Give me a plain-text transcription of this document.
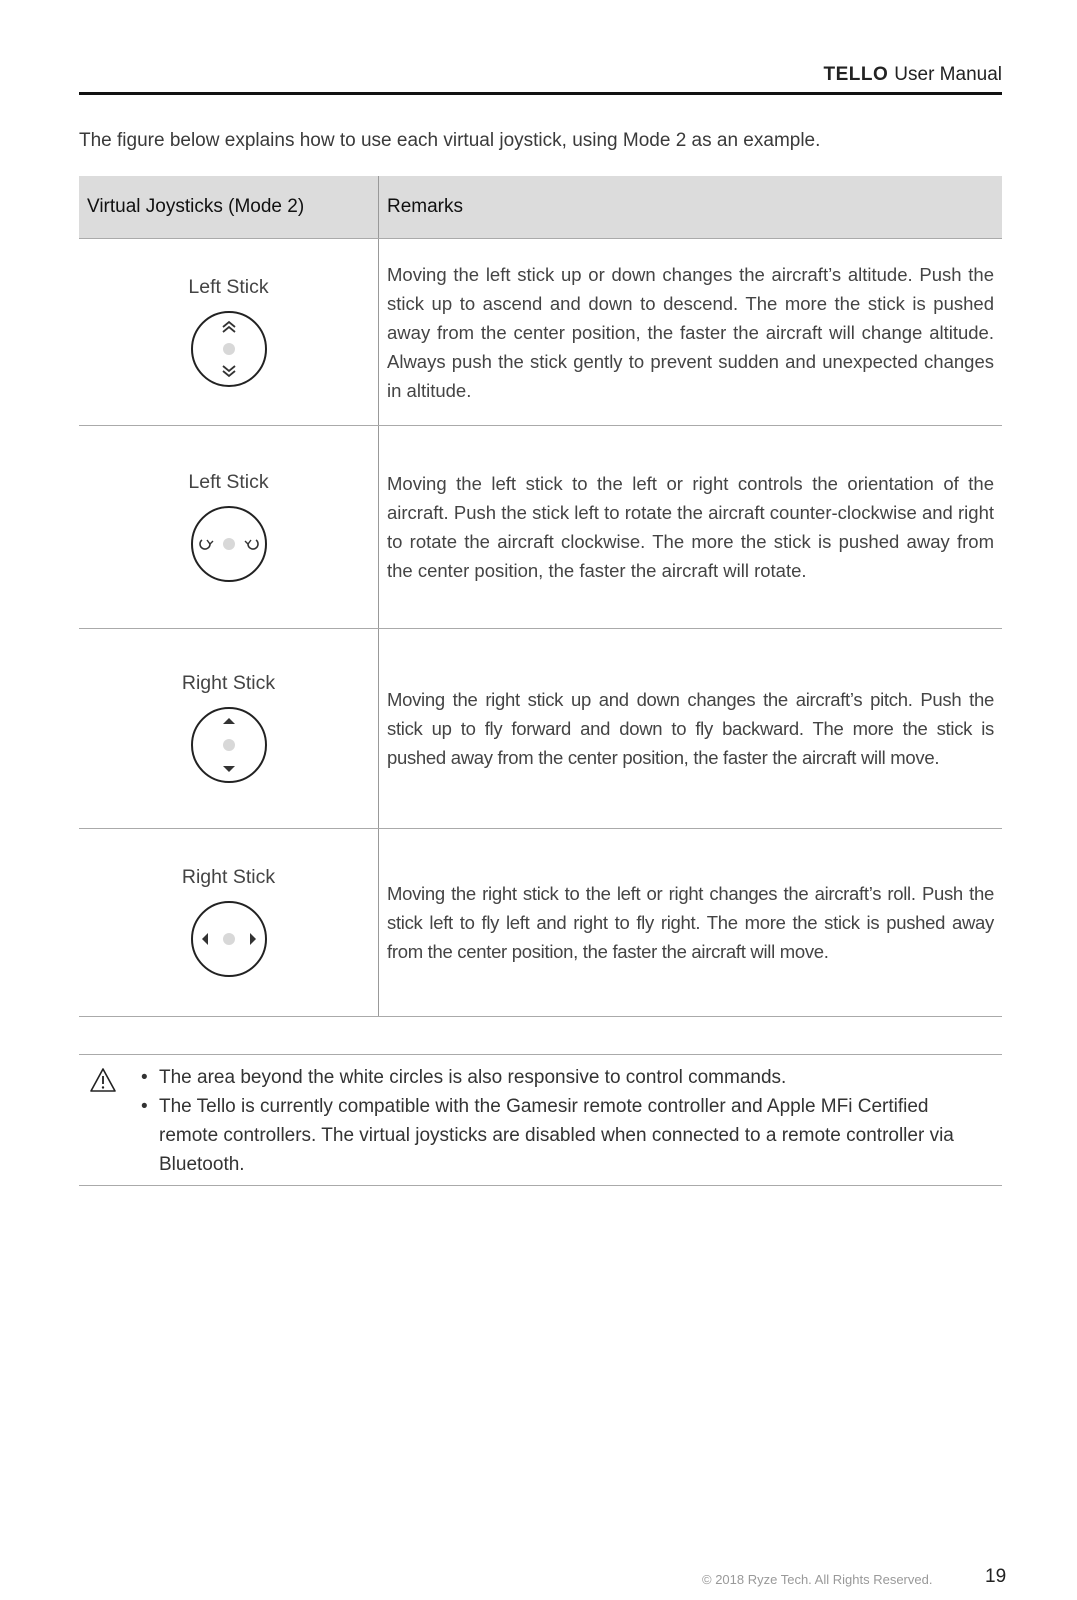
TELLO User Manual
The figure below explains how to use each virtual joystick, using Mode 2 as an example.
Virtual Joysticks (Mode 2)	Remarks

Left Stick	Moving the left stick up or down changes the aircraft’s altitude. Push the stick up to ascend and down to descend. The more the stick is pushed away from the center position, the faster the aircraft will change altitude. Always push the stick gently to prevent sudden and unexpected changes in altitude.

Left Stick	Moving the left stick to the left or right controls the orientation of the aircraft. Push the stick left to rotate the aircraft counter-clockwise and right to rotate the aircraft clockwise. The more the stick is pushed away from the center position, the faster the aircraft will rotate.

Right Stick	Moving the right stick up and down changes the aircraft’s pitch. Push the stick up to fly forward and down to fly backward. The more the stick is pushed away from the center position, the faster the aircraft will move.

Right Stick	Moving the right stick to the left or right changes the aircraft’s roll. Push the stick left to fly left and right to fly right. The more the stick is pushed away from the center position, the faster the aircraft will move.
• The area beyond the white circles is also responsive to control commands.
• The Tello is currently compatible with the Gamesir remote controller and Apple MFi Certified remote controllers. The virtual joysticks are disabled when connected to a remote controller via Bluetooth.
© 2018 Ryze Tech. All Rights Reserved.	19
